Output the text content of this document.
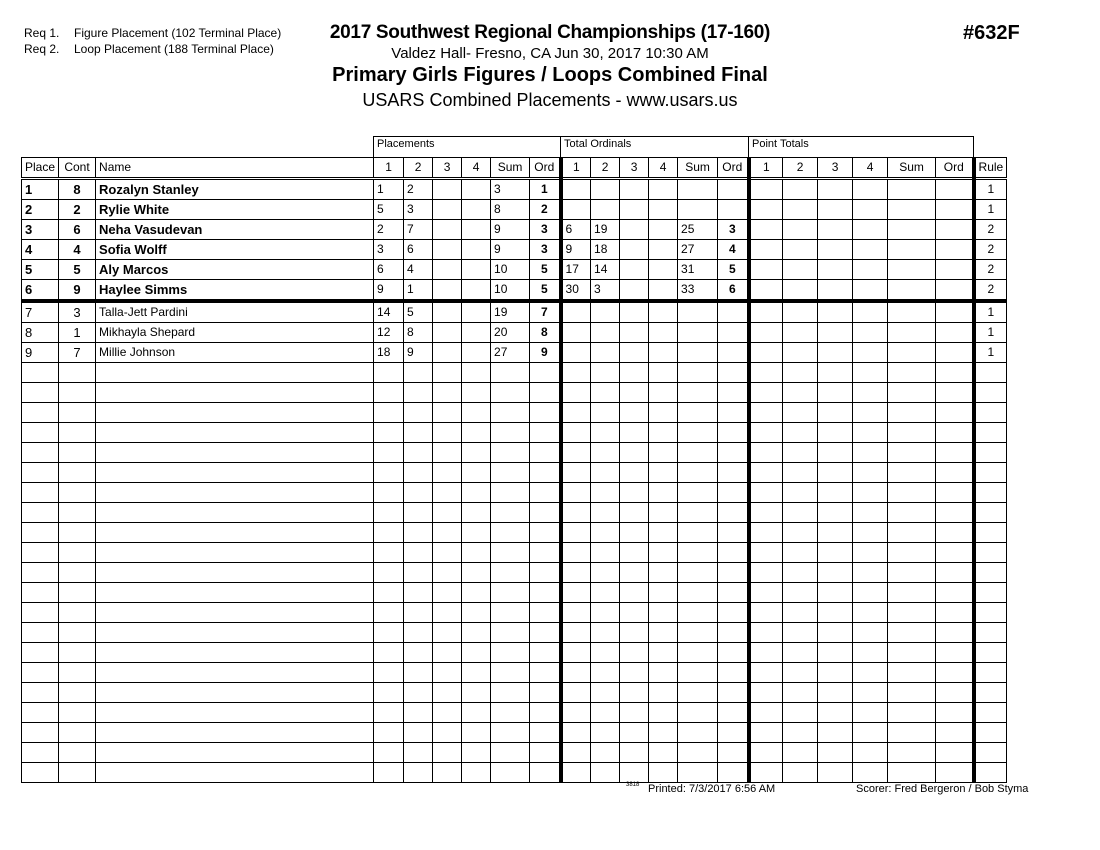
Req 1. Figure Placement (102 Terminal Place)
Req 2. Loop Placement (188 Terminal Place)
2017 Southwest Regional Championships (17-160)
Valdez Hall- Fresno, CA Jun 30, 2017 10:30 AM
Primary Girls Figures / Loops Combined Final
USARS Combined Placements - www.usars.us
#632F
			Placements						Total Ordinals						Point Totals						
Place	Cont	Name	1	2	3	4	Sum	Ord	1	2	3	4	Sum	Ord	1	2	3	4	Sum	Ord	Rule
1	8	Rozalyn Stanley	1	2			3	1													1
2	2	Rylie White	5	3			8	2													1
3	6	Neha Vasudevan	2	7			9	3	6	19			25	3							2
4	4	Sofia Wolff	3	6			9	3	9	18			27	4							2
5	5	Aly Marcos	6	4			10	5	17	14			31	5							2
6	9	Haylee Simms	9	1			10	5	30	3			33	6							2
7	3	Talla-Jett Pardini	14	5			19	7													1
8	1	Mikhayla Shepard	12	8			20	8													1
9	7	Millie Johnson	18	9			27	9													1

3818 Printed: 7/3/2017 6:56 AM	Scorer: Fred Bergeron / Bob Styma
